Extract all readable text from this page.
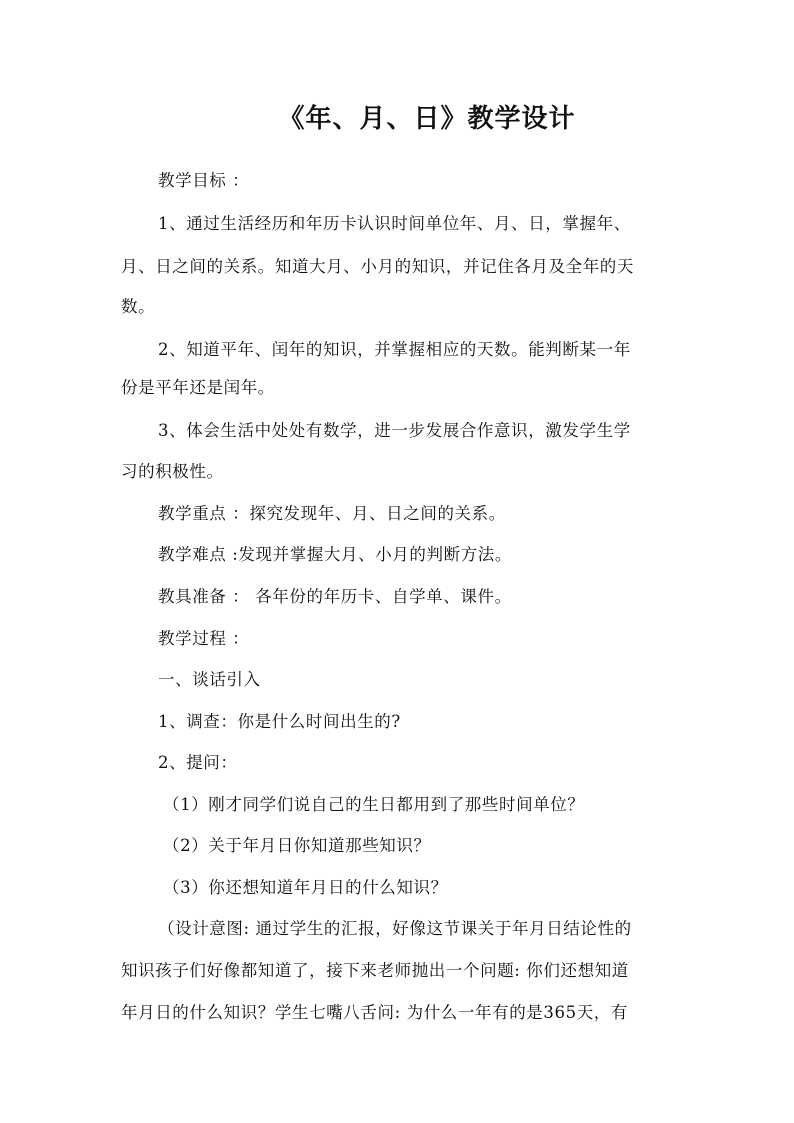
《年、月、日》教学设计
教学目标 ：
1、通过生活经历和年历卡认识时间单位年、月、日，掌握年、
月、日之间的关系。知道大月、小月的知识，并记住各月及全年的天
数。
2、知道平年、闰年的知识，并掌握相应的天数。能判断某一年
份是平年还是闰年。
3、体会生活中处处有数学，进一步发展合作意识，激发学生学
习的积极性。
教学重点 ：探究发现年、月、日之间的关系。
教学难点 :发现并掌握大月、小月的判断方法。
教具准备 ： 各年份的年历卡、自学单、课件。
教学过程 ：
一、谈话引入
1、调查：你是什么时间出生的?
2、提问：
（1）刚才同学们说自己的生日都用到了那些时间单位？
（2）关于年月日你知道那些知识？
（3）你还想知道年月日的什么知识？
（设计意图: 通过学生的汇报，好像这节课关于年月日结论性的
知识孩子们好像都知道了，接下来老师抛出一个问题: 你们还想知道
年月日的什么知识？学生七嘴八舌问: 为什么一年有的是365天，有
